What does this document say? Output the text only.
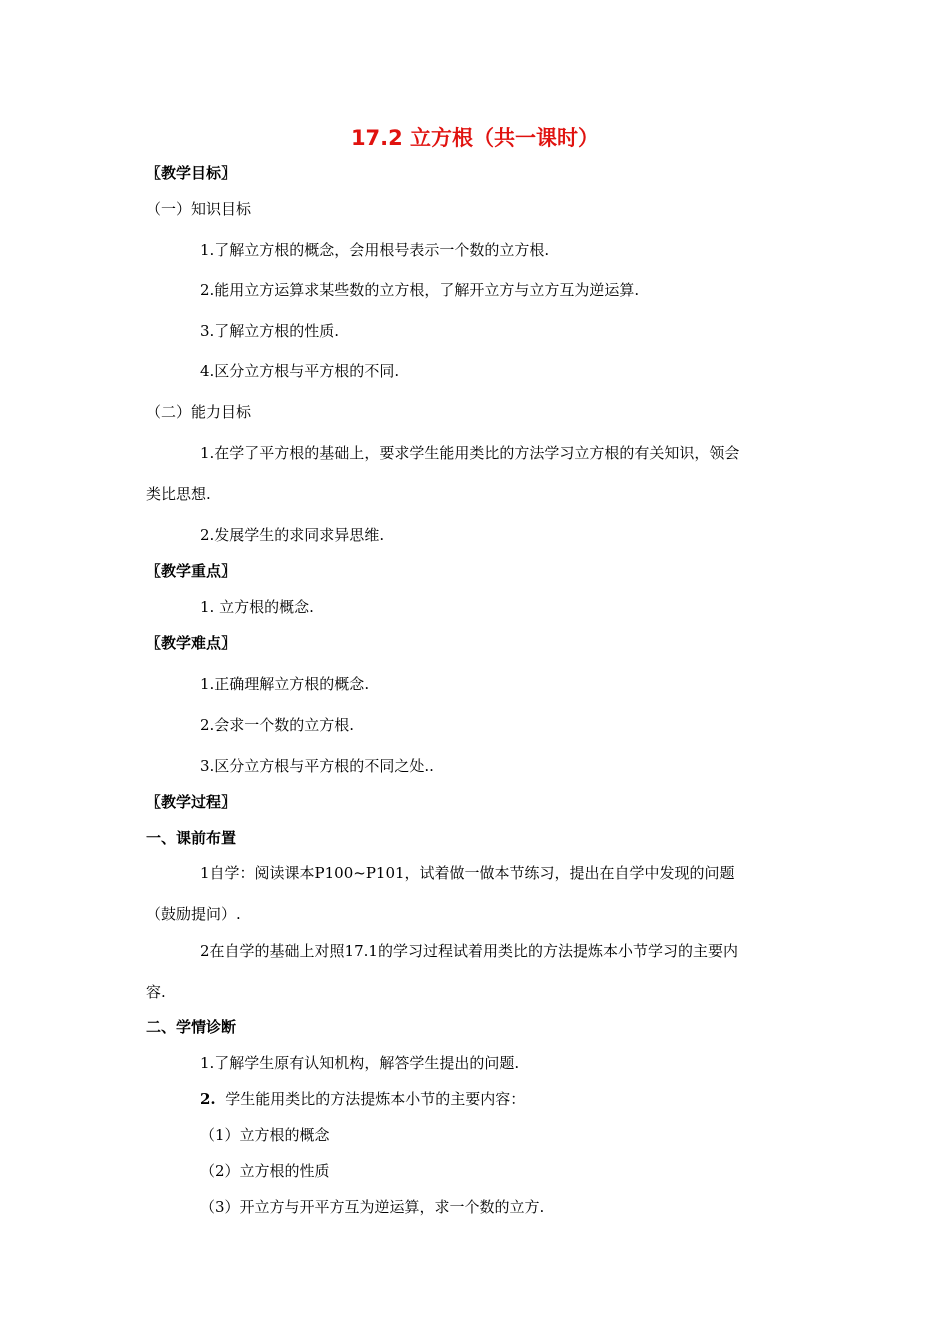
17.2 立方根（共一课时）
〖教学目标〗
（一）知识目标
1.了解立方根的概念，会用根号表示一个数的立方根.
2.能用立方运算求某些数的立方根，了解开立方与立方互为逆运算.
3.了解立方根的性质.
4.区分立方根与平方根的不同.
（二）能力目标
1.在学了平方根的基础上，要求学生能用类比的方法学习立方根的有关知识，领会
类比思想.
2.发展学生的求同求异思维.
〖教学重点〗
1. 立方根的概念.
〖教学难点〗
1.正确理解立方根的概念.
2.会求一个数的立方根.
3.区分立方根与平方根的不同之处..
〖教学过程〗
一、课前布置
1自学：阅读课本P100~P101，试着做一做本节练习，提出在自学中发现的问题
（鼓励提问）.
2在自学的基础上对照17.1的学习过程试着用类比的方法提炼本小节学习的主要内
容.
二、学情诊断
1.了解学生原有认知机构，解答学生提出的问题.
2. 学生能用类比的方法提炼本小节的主要内容：
（1）立方根的概念
（2）立方根的性质
（3）开立方与开平方互为逆运算，求一个数的立方.
